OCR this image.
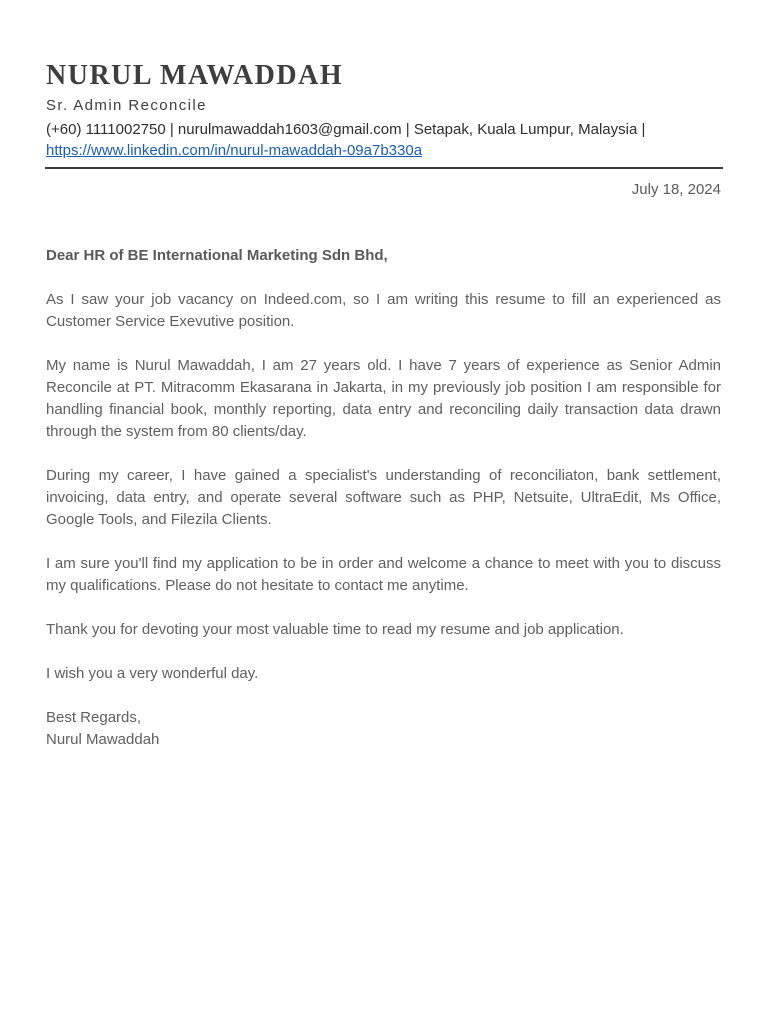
NURUL MAWADDAH
Sr. Admin Reconcile
(+60) 1111002750 | nurulmawaddah1603@gmail.com | Setapak, Kuala Lumpur, Malaysia |
https://www.linkedin.com/in/nurul-mawaddah-09a7b330a
July 18, 2024

Dear HR of BE International Marketing Sdn Bhd,

As I saw your job vacancy on Indeed.com, so I am writing this resume to fill an experienced as Customer Service Exevutive position.

My name is Nurul Mawaddah, I am 27 years old. I have 7 years of experience as Senior Admin Reconcile at PT. Mitracomm Ekasarana in Jakarta, in my previously job position I am responsible for handling financial book, monthly reporting, data entry and reconciling daily transaction data drawn through the system from 80 clients/day.

During my career, I have gained a specialist's understanding of reconciliaton, bank settlement, invoicing, data entry, and operate several software such as PHP, Netsuite, UltraEdit, Ms Office, Google Tools, and Filezila Clients.

I am sure you'll find my application to be in order and welcome a chance to meet with you to discuss my qualifications. Please do not hesitate to contact me anytime.

Thank you for devoting your most valuable time to read my resume and job application.

I wish you a very wonderful day.

Best Regards,

Nurul Mawaddah
